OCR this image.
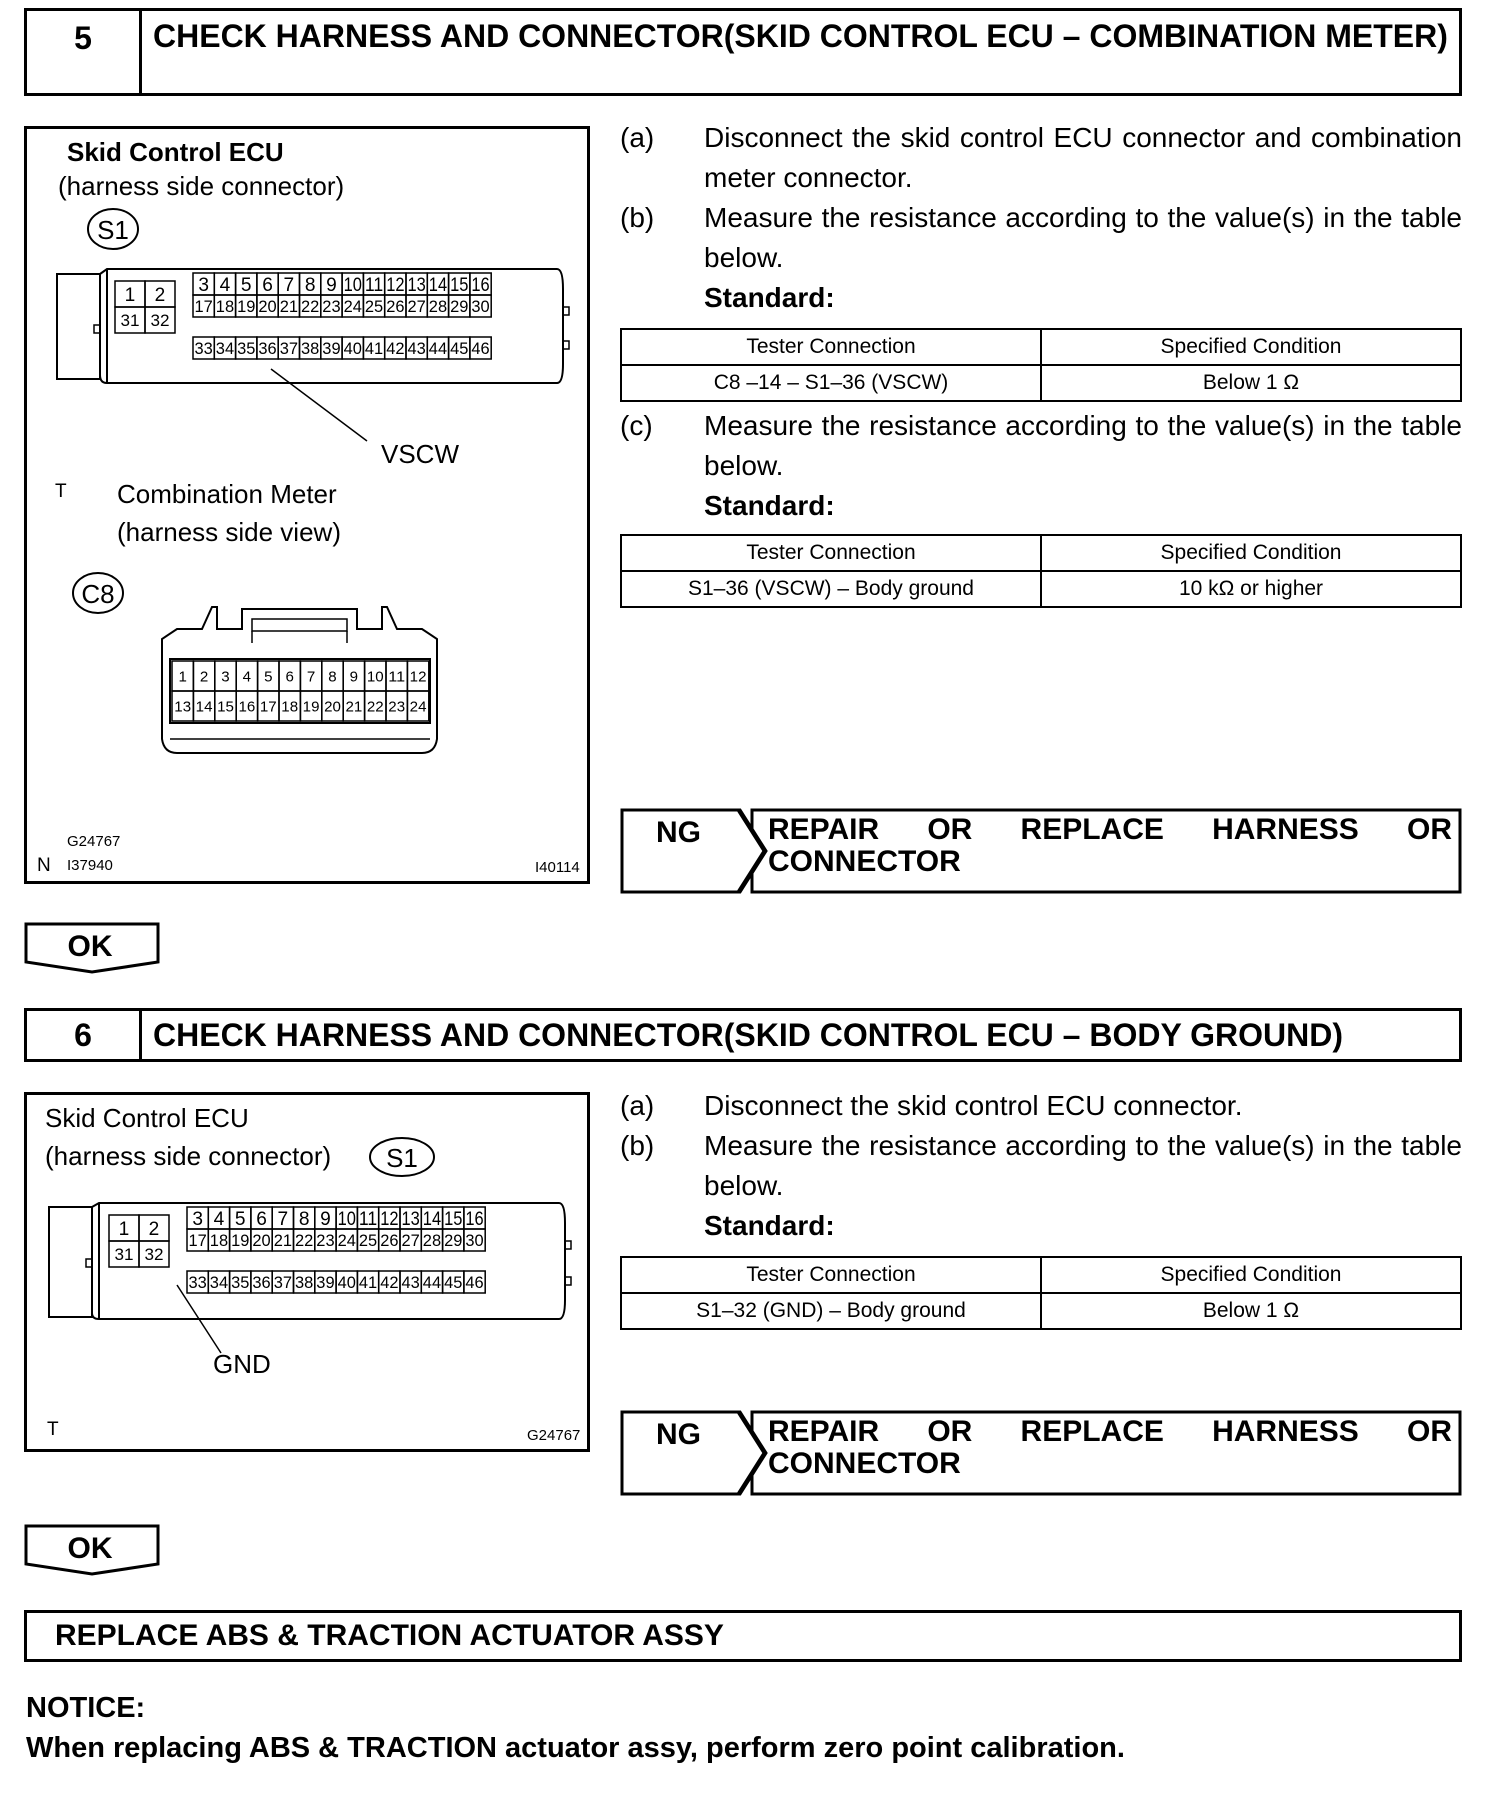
5	CHECK HARNESS AND CONNECTOR(SKID CONTROL ECU – COMBINATION METER)
Skid Control ECU
(harness side connector)
VSCW
T Combination Meter
(harness side view)
G24767
N I37940	I40114
S1
1 2
31 32
3 4 5 6 7 8 9 10 11 12 13 14 15 16
17 18 19 20 21 22 23 24 25 26 27 28 29 30
33 34 35 36 37 38 39 40 41 42 43 44 45 46
C8
1 2 3 4 5 6 7 8 9 10 11 12
13 14 15 16 17 18 19 20 21 22 23 24
(a) Disconnect the skid control ECU connector and combination meter connector.
(b) Measure the resistance according to the value(s) in the table below.
Standard:
Tester Connection	Specified Condition
C8 –14 – S1–36 (VSCW)	Below 1 Ω
(c) Measure the resistance according to the value(s) in the table below.
Standard:
Tester Connection	Specified Condition
S1–36 (VSCW) – Body ground	10 kΩ or higher
NG REPAIR OR REPLACE HARNESS OR
CONNECTOR
OK
6	CHECK HARNESS AND CONNECTOR(SKID CONTROL ECU – BODY GROUND)
Skid Control ECU
(harness side connector)
GND
T	G24767
S1
1 2
31 32
3 4 5 6 7 8 9 10 11 12 13 14 15 16
17 18 19 20 21 22 23 24 25 26 27 28 29 30
33 34 35 36 37 38 39 40 41 42 43 44 45 46
(a) Disconnect the skid control ECU connector.
(b) Measure the resistance according to the value(s) in the table below.
Standard:
Tester Connection	Specified Condition
S1–32 (GND) – Body ground	Below 1 Ω
NG REPAIR OR REPLACE HARNESS OR
CONNECTOR
OK
REPLACE ABS & TRACTION ACTUATOR ASSY
NOTICE:
When replacing ABS & TRACTION actuator assy, perform zero point calibration.
